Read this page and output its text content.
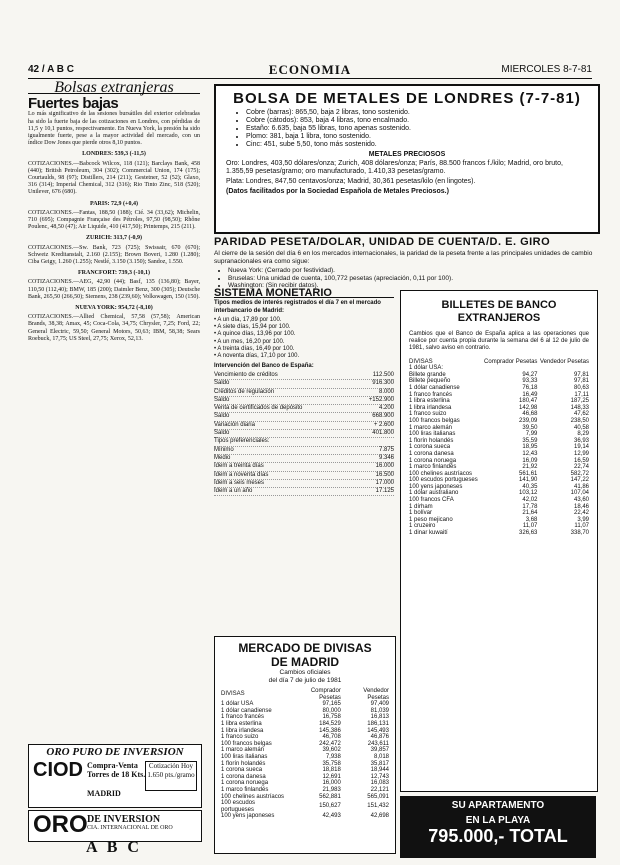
42 / A B C	ECONOMIA	MIERCOLES 8-7-81
Bolsas extranjeras
Fuertes bajas

Lo más significativo de las sesiones bursátiles del exterior celebradas ha sido la fuerte baja de las cotizaciones en Londres, con pérdidas de 11,5 y 10,1 puntos, respectivamente. En Nueva York, la presión ha sido igualmente fuerte, pese a la mayor actividad del mercado, con un índice Dow Jones que pierde otros 8,10 puntos.

LONDRES: 539,3 (-11,5)

COTIZACIONES.—Babcock Wilcox, 118 (121); Barclays Bank, 458 (440); British Petroleum, 304 (302); Commercial Union, 174 (175); Courtaulds, 98 (97); Distillers, 214 (211); Gestetner, 52 (52); Glaxo, 316 (314); Imperial Chemical, 312 (316); Rio Tinto Zinc, 518 (520); Unilever, 676 (680).

PARIS: 72,9 (+0,4)

COTIZACIONES.—Fantas, 188,50 (188); Cié. 34 (33,62); Michelin, 710 (695); Compagnie Française des Pétroles, 97,50 (98,50); Rhône Poulenc, 48,50 (47); Air Liquide, 410 (417,50); Printemps, 215 (211).

ZURICH: 313,7 (-0,9)

COTIZACIONES.—Sw. Bank, 723 (725); Swissair, 670 (670); Schweiz Kreditanstalt, 2.160 (2.155); Brown Boveri, 1.280 (1.280); Ciba Geigy, 1.260 (1.255); Nestlé, 3.150 (3.150); Sandoz, 1.550.

FRANCFORT: 739,3 (-10,1)

COTIZACIONES.—AEG, 42,90 (44); Basf, 135 (136,80); Bayer, 110,50 (112,40); BMW, 185 (200); Daimler Benz, 300 (305); Deutsche Bank, 265,50 (266,50); Siemens, 238 (239,60); Volkswagen, 150 (150).

NUEVA YORK: 954,72 (-8,10)

COTIZACIONES.—Allied Chemical, 57,58 (57,58); American Brands, 38,38; Amax, 45; Coca-Cola, 34,75; Chrysler, 7,25; Ford, 22; General Electric, 59,50; General Motors, 50,63; IBM, 58,38; Sears Roebuck, 17,75; US Steel, 27,75; Xerox, 52,13.

ORO PURO DE INVERSION
CIOD Compra-Venta Torres de 18 Kts.
Cotización Hoy 1.650 pts./gramo
MADRID
ORO DE INVERSION
CIA. INTERNACIONAL DE ORO
A B C
BOLSA DE METALES DE LONDRES (7-7-81)
• Cobre (barras): 865,50, baja 2 libras, tono sostenido.
• Cobre (cátodos): 853, baja 4 libras, tono encalmado.
• Estaño: 6.635, baja 55 libras, tono apenas sostenido.
• Plomo: 381, baja 1 libra, tono sostenido.
• Cinc: 451, sube 5,50, tono más sostenido.
METALES PRECIOSOS

Oro: Londres, 403,50 dólares/onza; Zurich, 408 dólares/onza; París, 88.500 francos f./kilo; Madrid, oro bruto, 1.355,59 pesetas/gramo; oro manufacturado, 1.410,33 pesetas/gramo.

Plata: Londres, 847,50 centavos/onza; Madrid, 30,361 pesetas/kilo (en lingotes).

(Datos facilitados por la Sociedad Española de Metales Preciosos.)

PARIDAD PESETA/DOLAR, UNIDAD DE CUENTA/D. E. GIRO

Al cierre de la sesión del día 6 en los mercados internacionales, la paridad de la peseta frente a las principales unidades de cambio supranacionales era como sigue:

• Nueva York: (Cerrado por festividad).
• Bruselas: Una unidad de cuenta, 100,772 pesetas (apreciación, 0,11 por 100).
• Washington: (Sin recibir datos).
SISTEMA MONETARIO
Tipos medios de interés registrados el día 7 en el mercado interbancario de Madrid:
• A un día, 17,89 por 100.
• A siete días, 15,94 por 100.
• A quince días, 13,96 por 100.
• A un mes, 16,20 por 100.
• A treinta días, 16,49 por 100.
• A noventa días, 17,10 por 100.
Intervención del Banco de España:
Vencimiento de créditos	112.500
Saldo	916.300
Créditos de regulación	8.000
Saldo	+152.900
Venta de certificados de depósito	4.200
Saldo	668.900
Variación diaria	+ 2.600
Saldo	401.800
Tipos preferenciales:
Mínimo	7.875
Medio	9.346
Idem a treinta días	16.000
Idem a noventa días	16.500
Idem a seis meses	17.000
Idem a un año	17.125
BILLETES DE BANCO
EXTRANJEROS

Cambios que el Banco de España aplica a las operaciones que realice por cuenta propia durante la semana del 6 al 12 de julio de 1981, salvo aviso en contrario.

DIVISAS	Comprador Pesetas	Vendedor Pesetas
1 dólar USA:		
Billete grande	94,27	97,81
Billete pequeño	93,33	97,81
1 dólar canadiense	76,18	80,63
1 franco francés	16,49	17,11
1 libra esterlina	180,47	187,25
1 libra irlandesa	142,98	148,33
1 franco suizo	46,68	47,62
100 francos belgas	239,09	238,50
1 marco alemán	39,50	40,58
100 liras italianas	7,99	8,29
1 florín holandés	35,59	36,93
1 corona sueca	18,95	19,14
1 corona danesa	12,43	12,99
1 corona noruega	16,09	16,59
1 marco finlandés	21,92	22,74
100 chelines austríacos	561,61	582,72
100 escudos portugueses	141,90	147,22
100 yens japoneses	40,35	41,86
1 dólar australiano	103,12	107,04
100 francos CFA	42,02	43,60
1 dírham	17,78	18,46
1 bolívar	21,64	22,42
1 peso mejicano	3,68	3,99
1 cruzeiro	11,07	11,07
1 dinar kuwaití	326,63	338,70
MERCADO DE DIVISAS
DE MADRID
Cambios oficiales
del día 7 de julio de 1981
DIVISAS	Comprador Pesetas	Vendedor Pesetas
1 dólar USA	97,165	97,409
1 dólar canadiense	80,000	81,039
1 franco francés	16,758	16,813
1 libra esterlina	184,529	186,131
1 libra irlandesa	145,386	145,493
1 franco suizo	46,708	46,876
100 francos belgas	242,472	243,611
1 marco alemán	39,602	39,857
100 liras italianas	7,938	8,018
1 florín holandés	35,758	35,817
1 corona sueca	18,818	18,944
1 corona danesa	12,691	12,743
1 corona noruega	16,000	16,083
1 marco finlandés	21,983	22,121
100 chelines austríacos	562,881	565,091
100 escudos portugueses	150,627	151,432
100 yens japoneses	42,493	42,698
SU APARTAMENTO
EN LA PLAYA
795.000,- TOTAL
